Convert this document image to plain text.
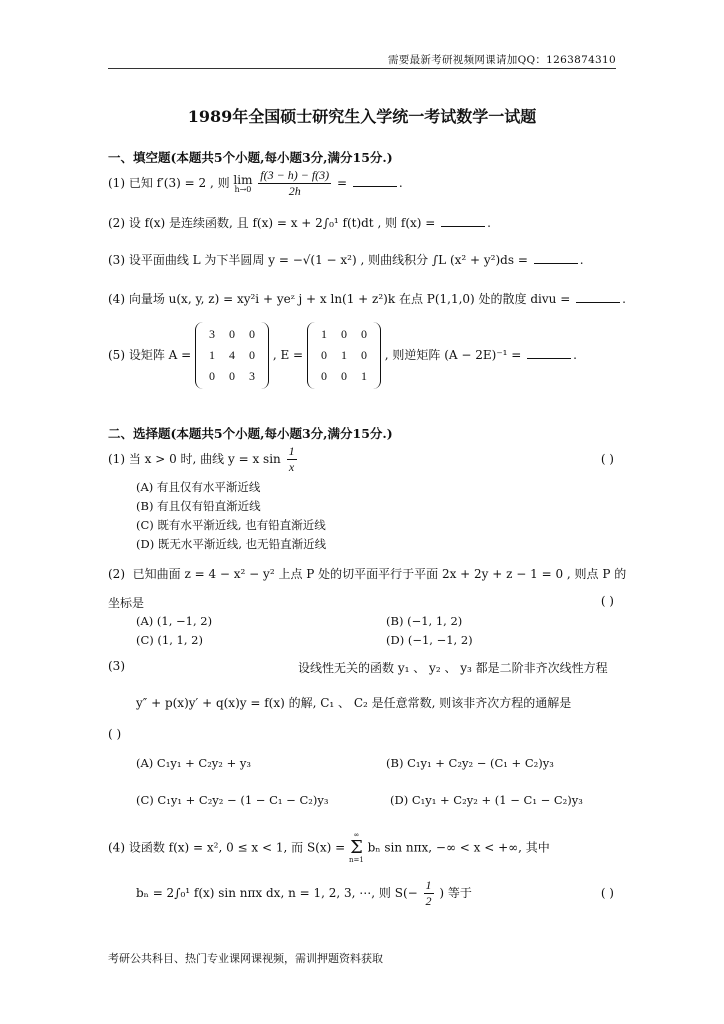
需要最新考研视频网课请加QQ：1263874310
1989年全国硕士研究生入学统一考试数学一试题
一、填空题(本题共5个小题,每小题3分,满分15分.)
(1) 已知 f′(3) = 2 , 则 lim
h→0
$\frac{f(3 - h) - f(3)}{2h}$ =	.
(2) 设 f(x) 是连续函数, 且 f(x) = x + 2∫₀¹ f(t)dt , 则 f(x) =	.
(3) 设平面曲线 L 为下半圆周 y = −√(1 − x²) , 则曲线积分 ∫L (x² + y²)ds =	.
(4) 向量场 u(x, y, z) = xy²i + yeᶻ j + x ln(1 + z²)k 在点 P(1,1,0) 处的散度 divu =	.
(5) 设矩阵 A =
3	0	0
1	4	0
0	0	3
, E =
1	0	0
0	1	0
0	0	1
, 则逆矩阵 (A − 2E)⁻¹ =	.
二、选择题(本题共5个小题,每小题3分,满分15分.)
(1) 当 x > 0 时, 曲线 y = x $\sin \frac{1}{x}$	( )
(A) 有且仅有水平渐近线
(B) 有且仅有铅直渐近线
(C) 既有水平渐近线, 也有铅直渐近线
(D) 既无水平渐近线, 也无铅直渐近线
(2) 已知曲面 z = 4 − x² − y² 上点 P 处的切平面平行于平面 2x + 2y + z − 1 = 0 , 则点 P 的
坐标是	( )
(A) (1, −1, 2)	(B) (−1, 1, 2)
(C) (1, 1, 2)	(D) (−1, −1, 2)
(3)	设线性无关的函数 y₁ 、 y₂ 、 y₃ 都是二阶非齐次线性方程
y″ + p(x)y′ + q(x)y = f(x) 的解, C₁ 、 C₂ 是任意常数, 则该非齐次方程的通解是
( )
(A) C₁y₁ + C₂y₂ + y₃	(B) C₁y₁ + C₂y₂ − (C₁ + C₂)y₃
(C) C₁y₁ + C₂y₂ − (1 − C₁ − C₂)y₃	(D) C₁y₁ + C₂y₂ + (1 − C₁ − C₂)y₃
(4) 设函数 f(x) = x², 0 ≤ x < 1, 而 S(x) =
∞
Σ
n=1
bₙ sin nπx, −∞ < x < +∞, 其中
bₙ = 2∫₀¹ f(x) sin nπx dx, n = 1, 2, 3, ⋯, 则 $S(- \frac{1}{2}$ ) 等于	( )
考研公共科目、热门专业课网课视频，需训押题资料获取
